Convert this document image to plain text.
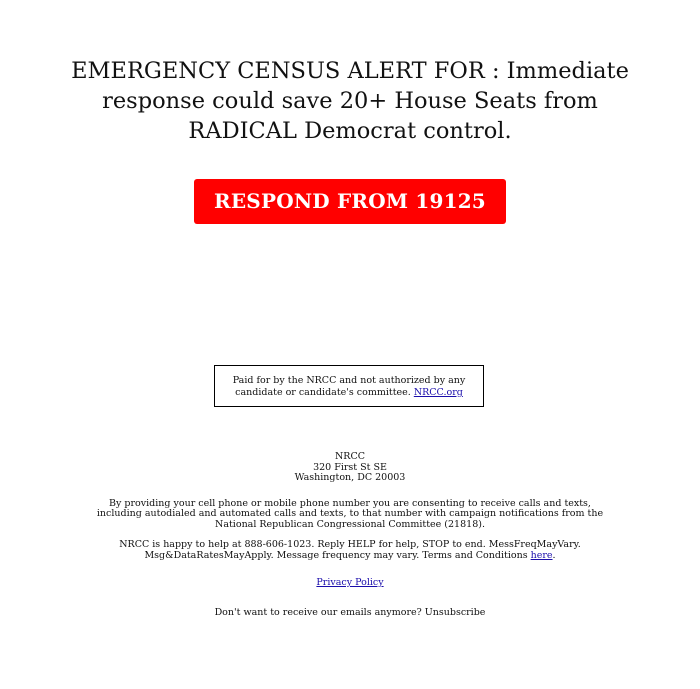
EMERGENCY CENSUS ALERT FOR : Immediate response could save 20+ House Seats from RADICAL Democrat control.
RESPOND FROM 19125
Paid for by the NRCC and not authorized by any candidate or candidate's committee. NRCC.org

NRCC
320 First St SE
Washington, DC 20003

By providing your cell phone or mobile phone number you are consenting to receive calls and texts, including autodialed and automated calls and texts, to that number with campaign notifications from the National Republican Congressional Committee (21818).

NRCC is happy to help at 888-606-1023. Reply HELP for help, STOP to end. MessFreqMayVary. Msg&DataRatesMayApply. Message frequency may vary. Terms and Conditions here.

Privacy Policy

Don't want to receive our emails anymore? Unsubscribe
